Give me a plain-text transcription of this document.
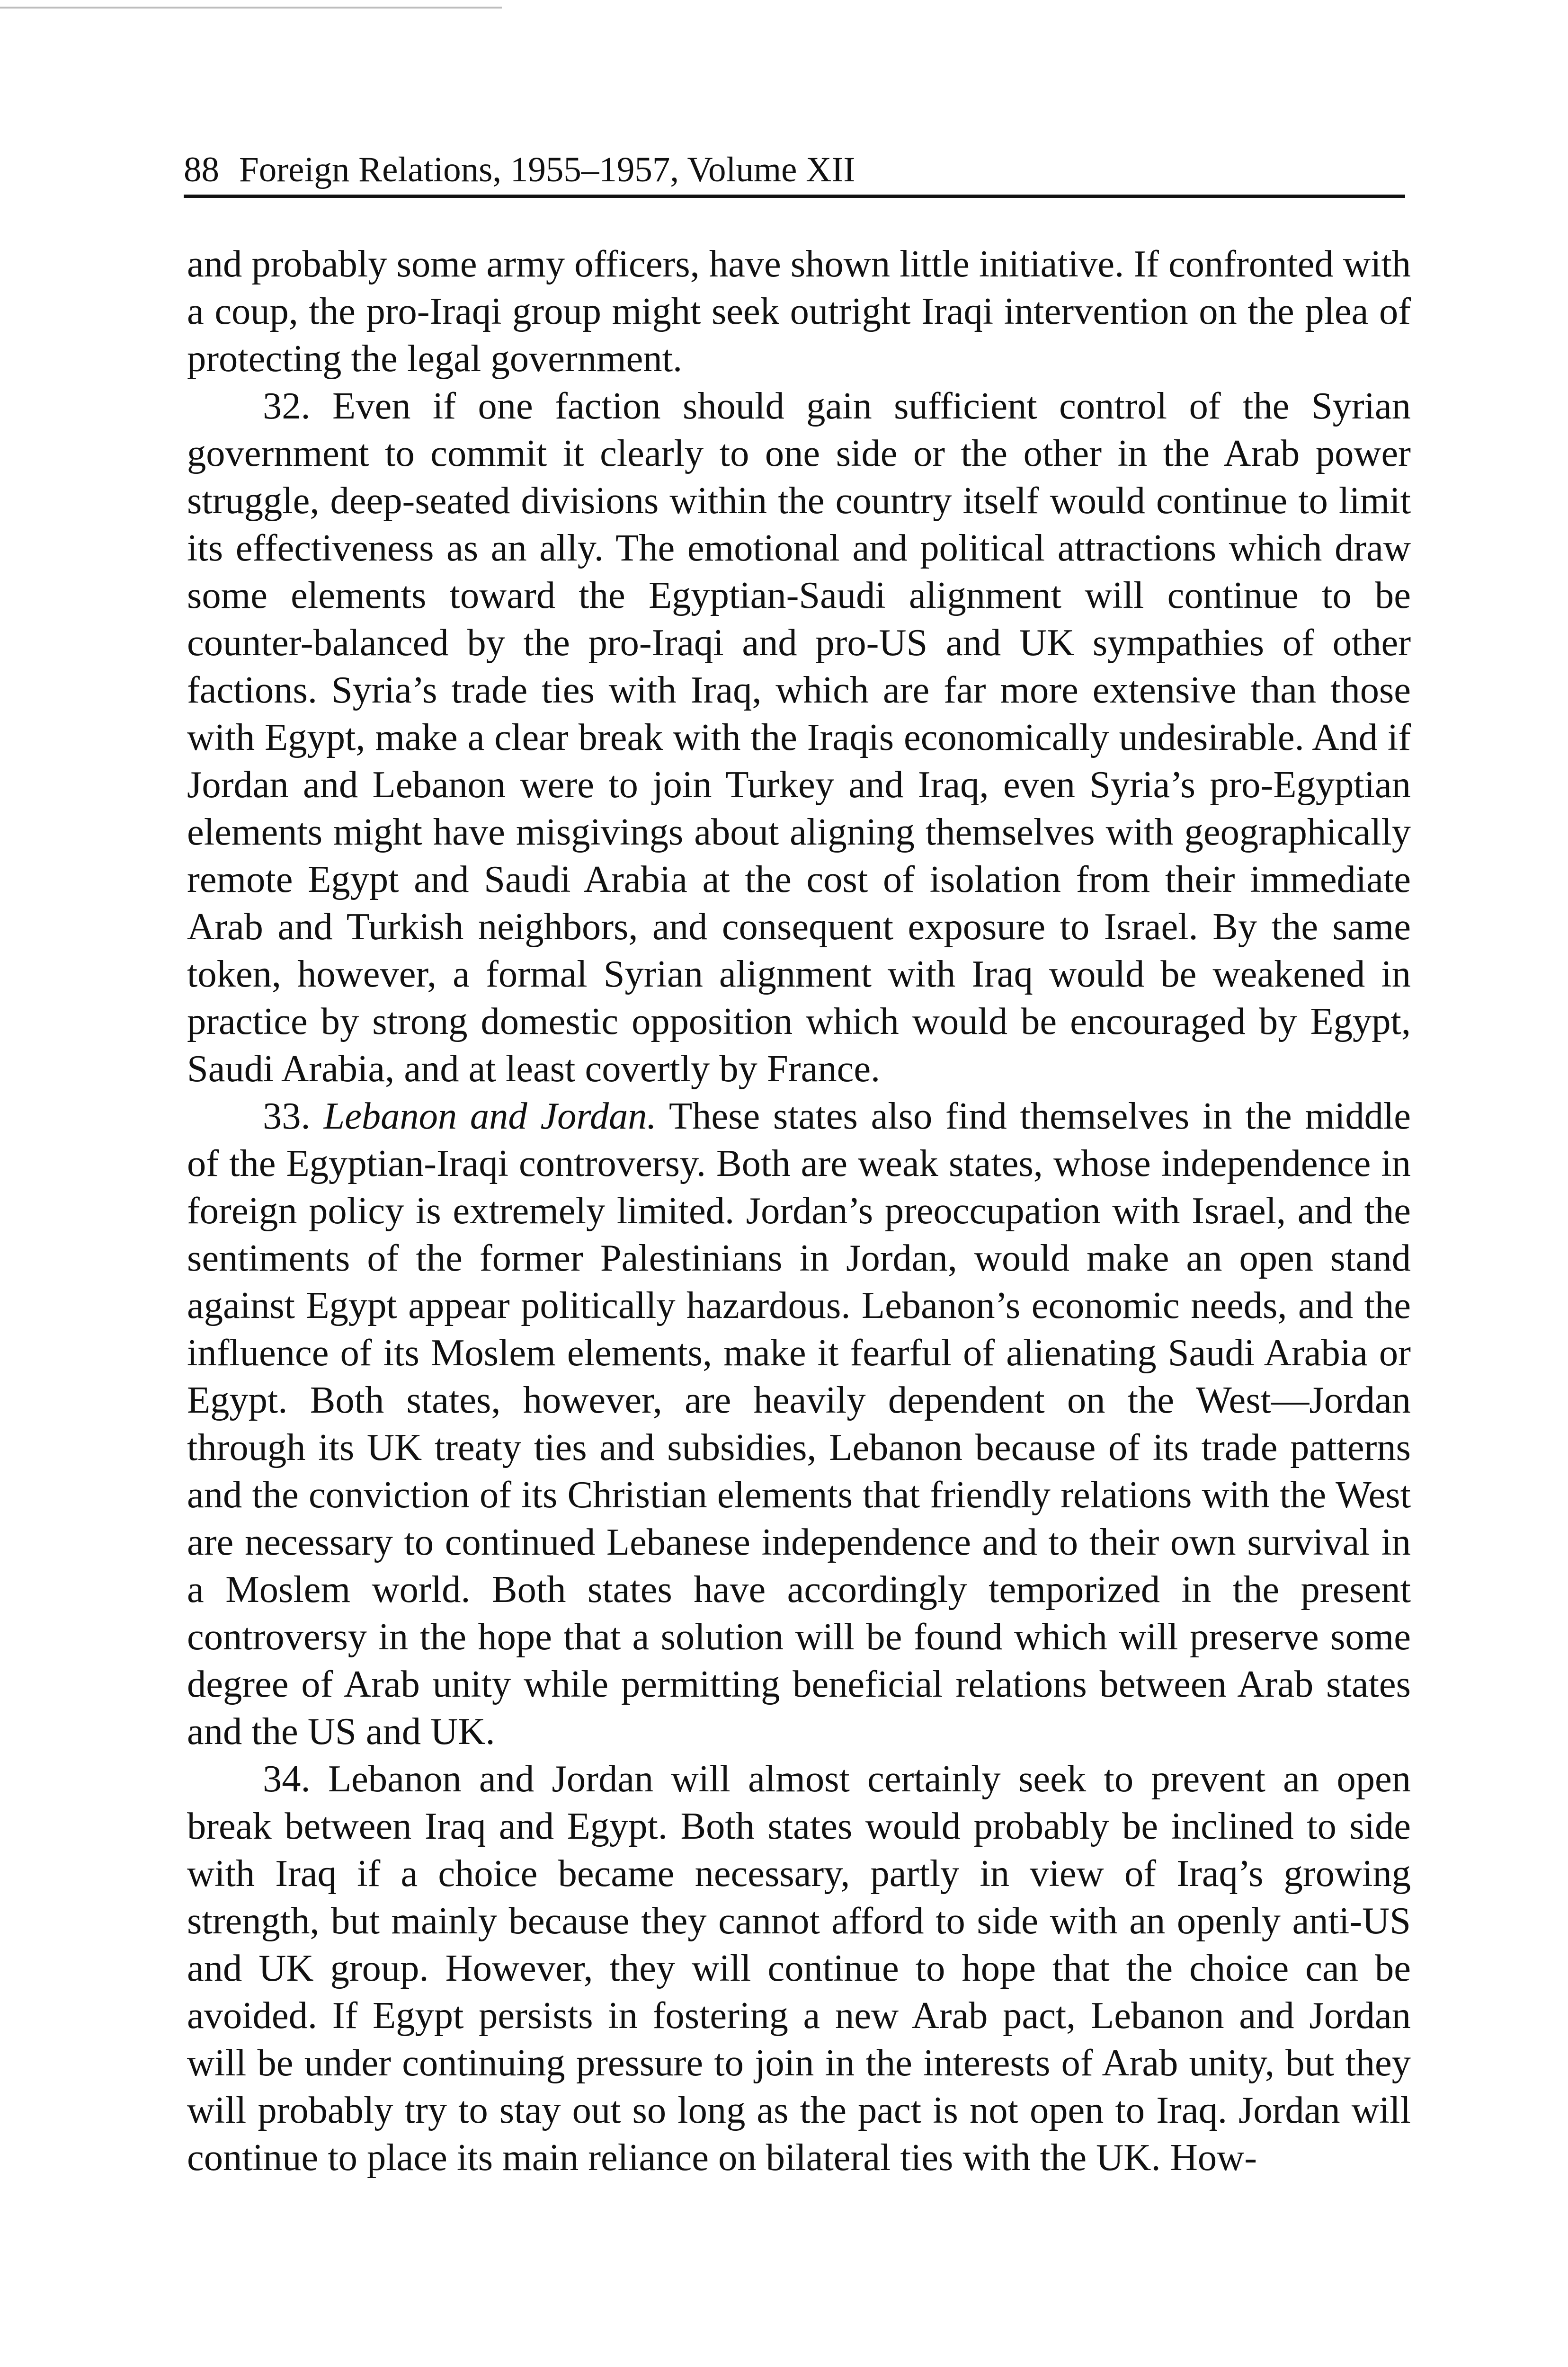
88 Foreign Relations, 1955–1957, Volume XII

and probably some army officers, have shown little initiative. If confronted with a coup, the pro-Iraqi group might seek outright Iraqi intervention on the plea of protecting the legal government.

32. Even if one faction should gain sufficient control of the Syrian government to commit it clearly to one side or the other in the Arab power struggle, deep-seated divisions within the country itself would continue to limit its effectiveness as an ally. The emotional and political attractions which draw some elements toward the Egyptian-Saudi alignment will continue to be counter-balanced by the pro-Iraqi and pro-US and UK sympathies of other factions. Syria’s trade ties with Iraq, which are far more extensive than those with Egypt, make a clear break with the Iraqis economically undesirable. And if Jordan and Lebanon were to join Turkey and Iraq, even Syria’s pro-Egyptian elements might have misgivings about aligning themselves with geographically remote Egypt and Saudi Arabia at the cost of isolation from their immediate Arab and Turkish neighbors, and consequent exposure to Israel. By the same token, however, a formal Syrian alignment with Iraq would be weakened in practice by strong domestic opposition which would be encouraged by Egypt, Saudi Arabia, and at least covertly by France.

33. Lebanon and Jordan. These states also find themselves in the middle of the Egyptian-Iraqi controversy. Both are weak states, whose independence in foreign policy is extremely limited. Jordan’s preoccupation with Israel, and the sentiments of the former Palestinians in Jordan, would make an open stand against Egypt appear politically hazardous. Lebanon’s economic needs, and the influence of its Moslem elements, make it fearful of alienating Saudi Arabia or Egypt. Both states, however, are heavily dependent on the West—Jordan through its UK treaty ties and subsidies, Lebanon because of its trade patterns and the conviction of its Christian elements that friendly relations with the West are necessary to continued Lebanese independence and to their own survival in a Moslem world. Both states have accordingly temporized in the present controversy in the hope that a solution will be found which will preserve some degree of Arab unity while permitting beneficial relations between Arab states and the US and UK.

34. Lebanon and Jordan will almost certainly seek to prevent an open break between Iraq and Egypt. Both states would probably be inclined to side with Iraq if a choice became necessary, partly in view of Iraq’s growing strength, but mainly because they cannot afford to side with an openly anti-US and UK group. However, they will continue to hope that the choice can be avoided. If Egypt persists in fostering a new Arab pact, Lebanon and Jordan will be under continuing pressure to join in the interests of Arab unity, but they will probably try to stay out so long as the pact is not open to Iraq. Jordan will continue to place its main reliance on bilateral ties with the UK. How-
